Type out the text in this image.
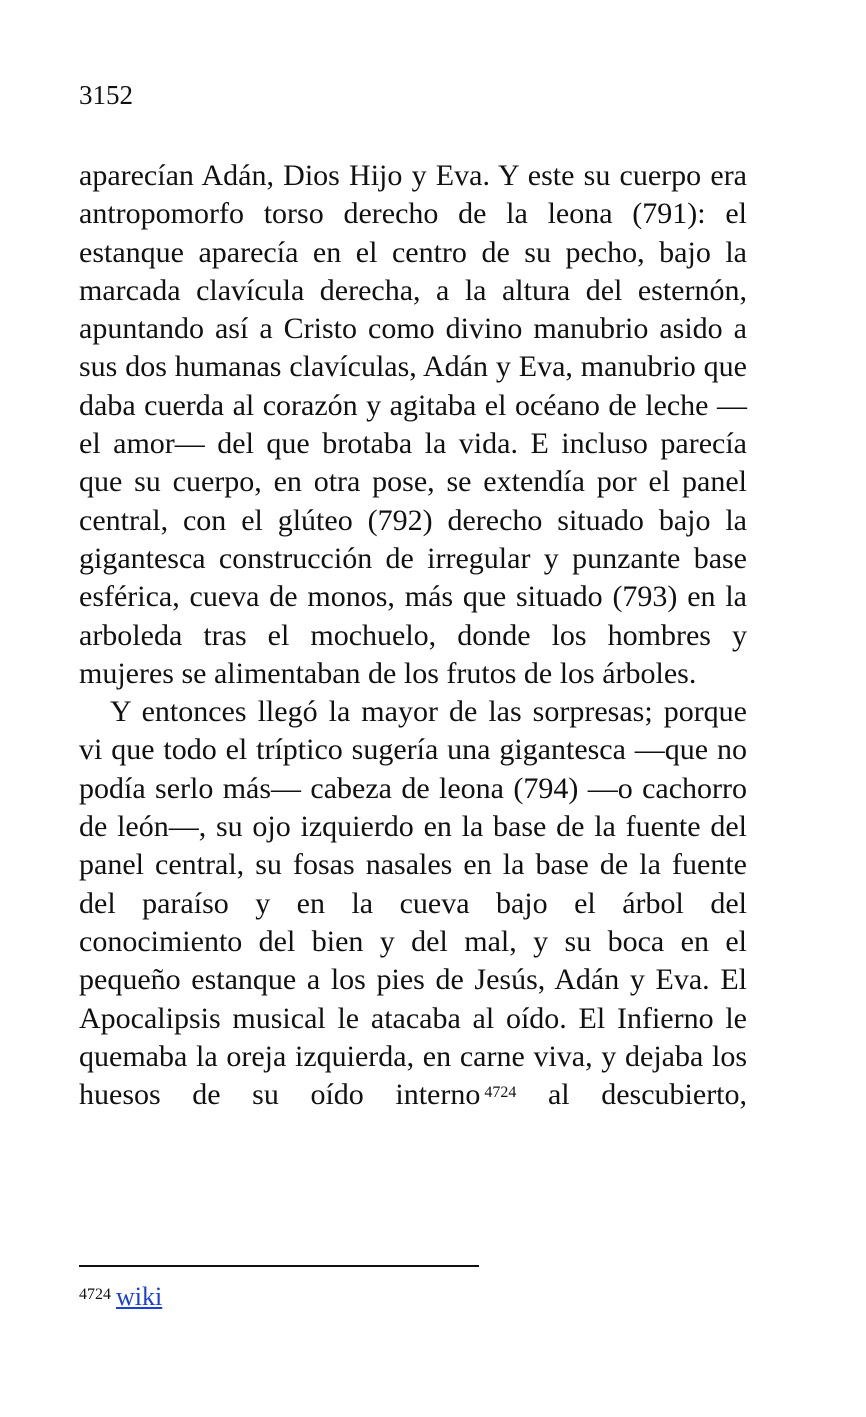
3152

aparecían Adán, Dios Hijo y Eva. Y este su cuerpo era antropomorfo torso derecho de la leona (791): el estanque aparecía en el centro de su pecho, bajo la marcada clavícula derecha, a la altura del esternón, apuntando así a Cristo como divino manubrio asido a sus dos humanas clavículas, Adán y Eva, manubrio que daba cuerda al corazón y agitaba el océano de leche —el amor— del que brotaba la vida. E incluso parecía que su cuerpo, en otra pose, se extendía por el panel central, con el glúteo (792) derecho situado bajo la gigantesca construcción de irregular y punzante base esférica, cueva de monos, más que situado (793) en la arboleda tras el mochuelo, donde los hombres y mujeres se alimentaban de los frutos de los árboles.

Y entonces llegó la mayor de las sorpresas; porque vi que todo el tríptico sugería una gigantesca —que no podía serlo más— cabeza de leona (794) —o cachorro de león—, su ojo izquierdo en la base de la fuente del panel central, su fosas nasales en la base de la fuente del paraíso y en la cueva bajo el árbol del conocimiento del bien y del mal, y su boca en el pequeño estanque a los pies de Jesús, Adán y Eva. El Apocalipsis musical le atacaba al oído. El Infierno le quemaba la oreja izquierda, en carne viva, y dejaba los huesos de su oído interno $^{4724}$ al descubierto,

$^{4724}$ wiki
